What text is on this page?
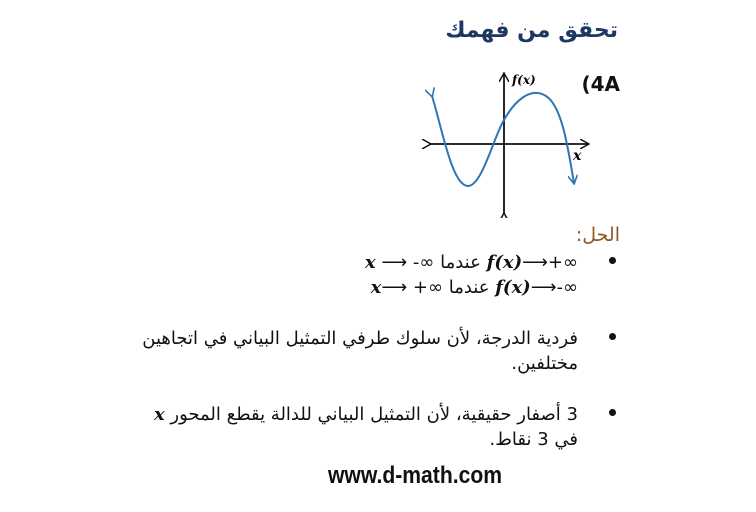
تحقق من فهمك
(4A
f(x)
x
الحل:
𝒙 ⟶ -∞ عندما 𝒇(𝒙)⟶+∞
𝒙⟶ +∞ عندما 𝒇(𝒙)⟶-∞
فردية الدرجة، لأن سلوك طرفي التمثيل البياني في اتجاهين مختلفين.
3 أصفار حقيقية، لأن التمثيل البياني للدالة يقطع المحور 𝒙 في 3 نقاط.
www.d-math.com
